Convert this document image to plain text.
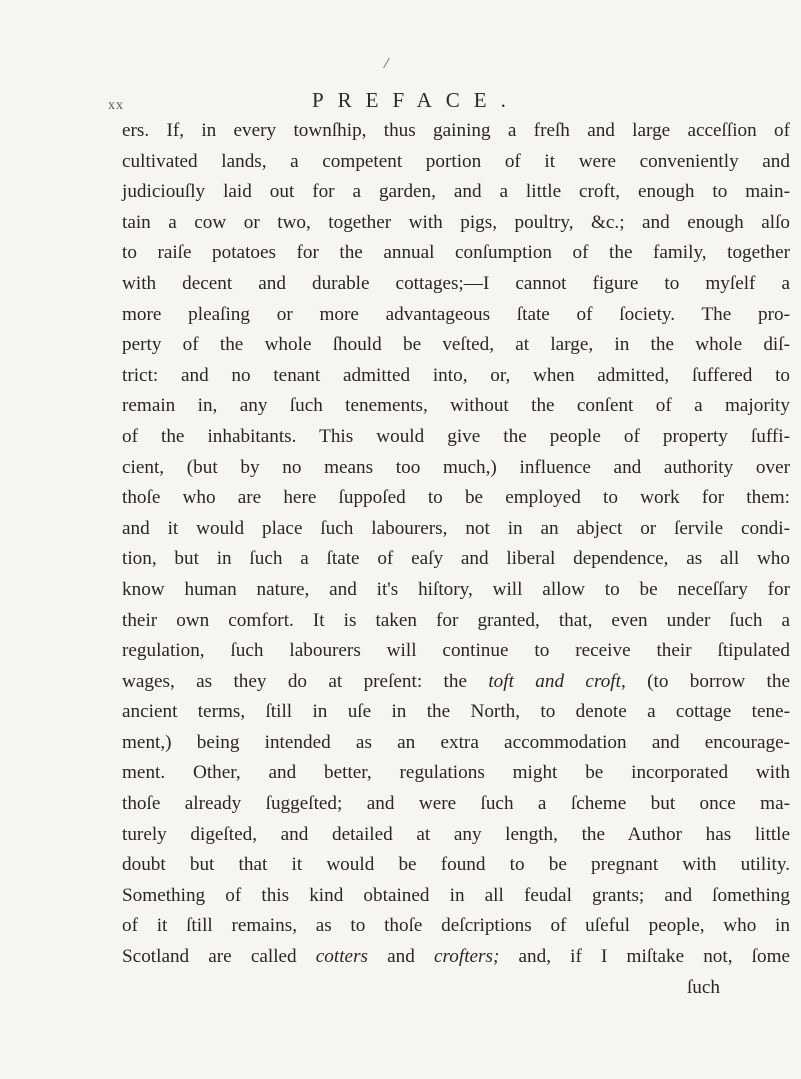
xx	PREFACE.
ers. If, in every townſhip, thus gaining a freſh and large acceſſion of
cultivated lands, a competent portion of it were conveniently and
judiciouſly laid out for a garden, and a little croft, enough to main-
tain a cow or two, together with pigs, poultry, &c.; and enough alſo
to raiſe potatoes for the annual conſumption of the family, together
with decent and durable cottages;—I cannot figure to myſelf a
more pleaſing or more advantageous ſtate of ſociety. The pro-
perty of the whole ſhould be veſted, at large, in the whole diſ-
trict: and no tenant admitted into, or, when admitted, ſuffered to
remain in, any ſuch tenements, without the conſent of a majority
of the inhabitants. This would give the people of property ſuffi-
cient, (but by no means too much,) influence and authority over
thoſe who are here ſuppoſed to be employed to work for them:
and it would place ſuch labourers, not in an abject or ſervile condi-
tion, but in ſuch a ſtate of eaſy and liberal dependence, as all who
know human nature, and it's hiſtory, will allow to be neceſſary for
their own comfort. It is taken for granted, that, even under ſuch a
regulation, ſuch labourers will continue to receive their ſtipulated
wages, as they do at preſent: the toft and croft, (to borrow the
ancient terms, ſtill in uſe in the North, to denote a cottage tene-
ment,) being intended as an extra accommodation and encourage-
ment. Other, and better, regulations might be incorporated with
thoſe already ſuggeſted; and were ſuch a ſcheme but once ma-
turely digeſted, and detailed at any length, the Author has little
doubt but that it would be found to be pregnant with utility.
Something of this kind obtained in all feudal grants; and ſomething
of it ſtill remains, as to thoſe deſcriptions of uſeful people, who in
Scotland are called cotters and crofters; and, if I miſtake not, ſome
ſuch
